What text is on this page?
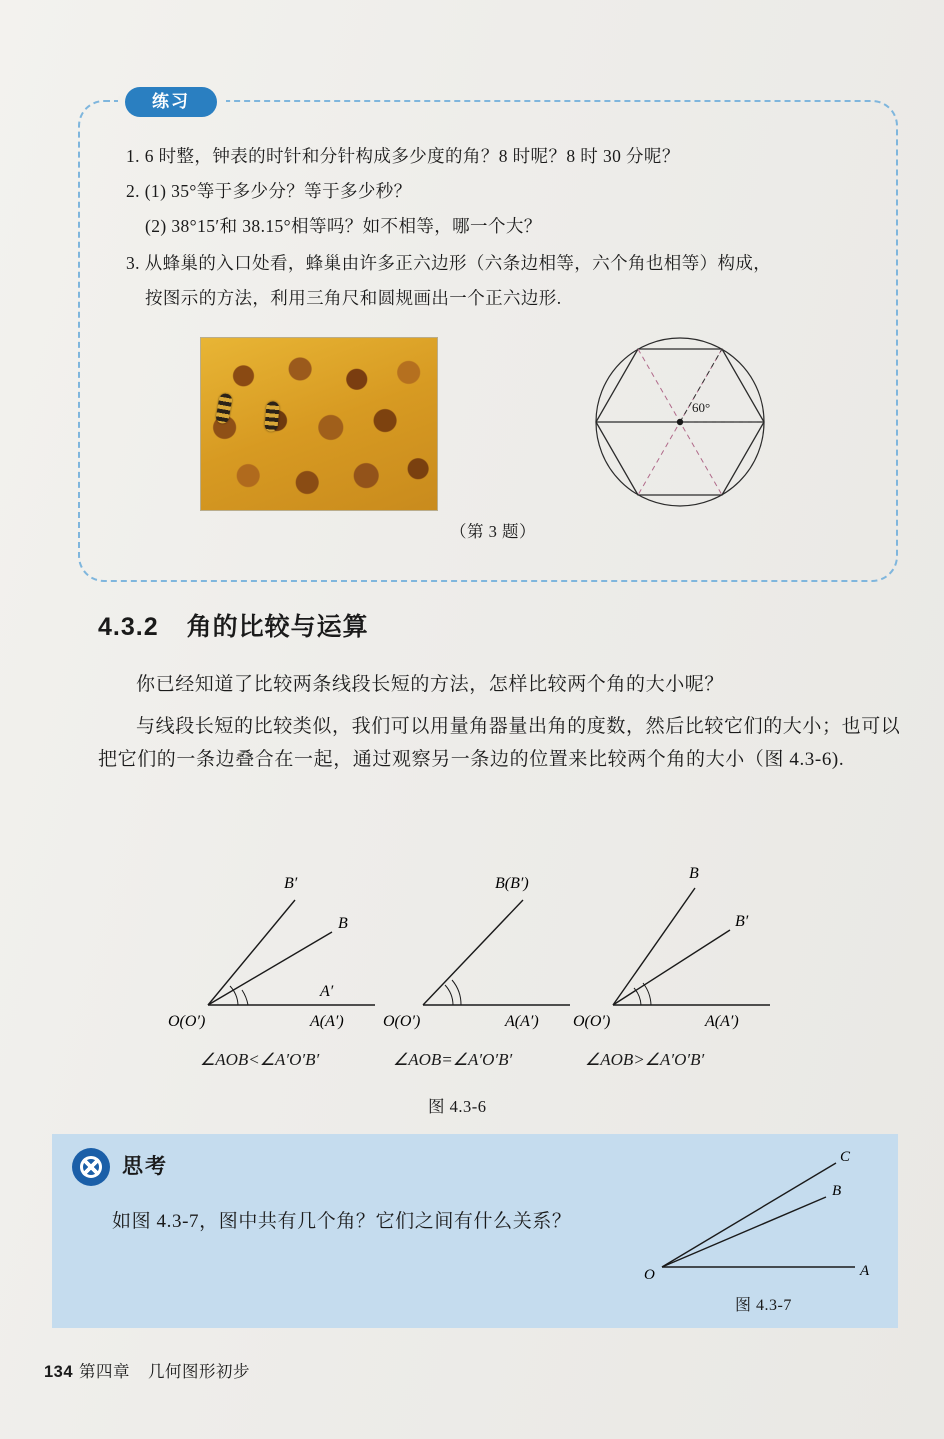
练习
1. 6 时整，钟表的时针和分针构成多少度的角？8 时呢？8 时 30 分呢？
2. (1) 35°等于多少分？等于多少秒？
(2) 38°15′和 38.15°相等吗？如不相等，哪一个大？
3. 从蜂巢的入口处看，蜂巢由许多正六边形（六条边相等，六个角也相等）构成，
按图示的方法，利用三角尺和圆规画出一个正六边形.
60°
（第 3 题）
4.3.2 角的比较与运算
你已经知道了比较两条线段长短的方法，怎样比较两个角的大小呢？
与线段长短的比较类似，我们可以用量角器量出角的度数，然后比较它们的大小；也可以把它们的一条边叠合在一起，通过观察另一条边的位置来比较两个角的大小（图 4.3-6).
B′
B
O(O′)	A(A′)
A′
B(B′)
O(O′)	A(A′)
B
B′
O(O′)	A(A′)
∠AOB<∠A′O′B′	∠AOB=∠A′O′B′	∠AOB>∠A′O′B′
图 4.3-6
思考
如图 4.3-7，图中共有几个角？它们之间有什么关系？
C
B
O	A
图 4.3-7
134 第四章 几何图形初步
